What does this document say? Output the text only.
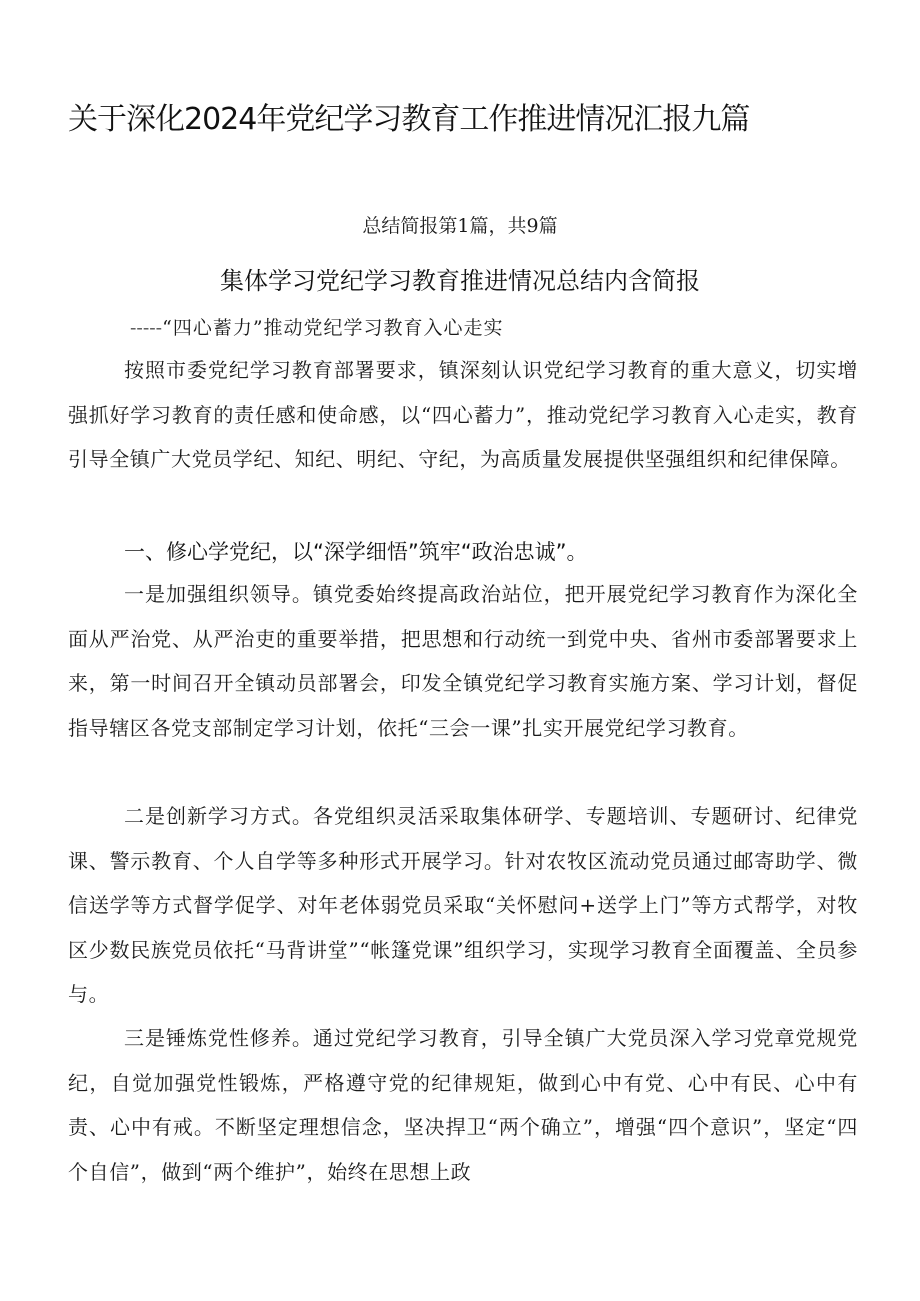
关于深化2024年党纪学习教育工作推进情况汇报九篇
总结简报第1篇，共9篇
集体学习党纪学习教育推进情况总结内含简报
-----“四心蓄力”推动党纪学习教育入心走实

按照市委党纪学习教育部署要求，镇深刻认识党纪学习教育的重大意义，切实增强抓好学习教育的责任感和使命感，以“四心蓄力”，推动党纪学习教育入心走实，教育引导全镇广大党员学纪、知纪、明纪、守纪，为高质量发展提供坚强组织和纪律保障。

一、修心学党纪，以“深学细悟”筑牢“政治忠诚”。

一是加强组织领导。镇党委始终提高政治站位，把开展党纪学习教育作为深化全面从严治党、从严治吏的重要举措，把思想和行动统一到党中央、省州市委部署要求上来，第一时间召开全镇动员部署会，印发全镇党纪学习教育实施方案、学习计划，督促指导辖区各党支部制定学习计划，依托“三会一课”扎实开展党纪学习教育。

二是创新学习方式。各党组织灵活采取集体研学、专题培训、专题研讨、纪律党课、警示教育、个人自学等多种形式开展学习。针对农牧区流动党员通过邮寄助学、微信送学等方式督学促学、对年老体弱党员采取“关怀慰问+送学上门”等方式帮学，对牧区少数民族党员依托“马背讲堂”“帐篷党课”组织学习，实现学习教育全面覆盖、全员参与。

三是锤炼党性修养。通过党纪学习教育，引导全镇广大党员深入学习党章党规党纪，自觉加强党性锻炼，严格遵守党的纪律规矩，做到心中有党、心中有民、心中有责、心中有戒。不断坚定理想信念，坚决捍卫“两个确立”，增强“四个意识”，坚定“四个自信”，做到“两个维护”，始终在思想上政
